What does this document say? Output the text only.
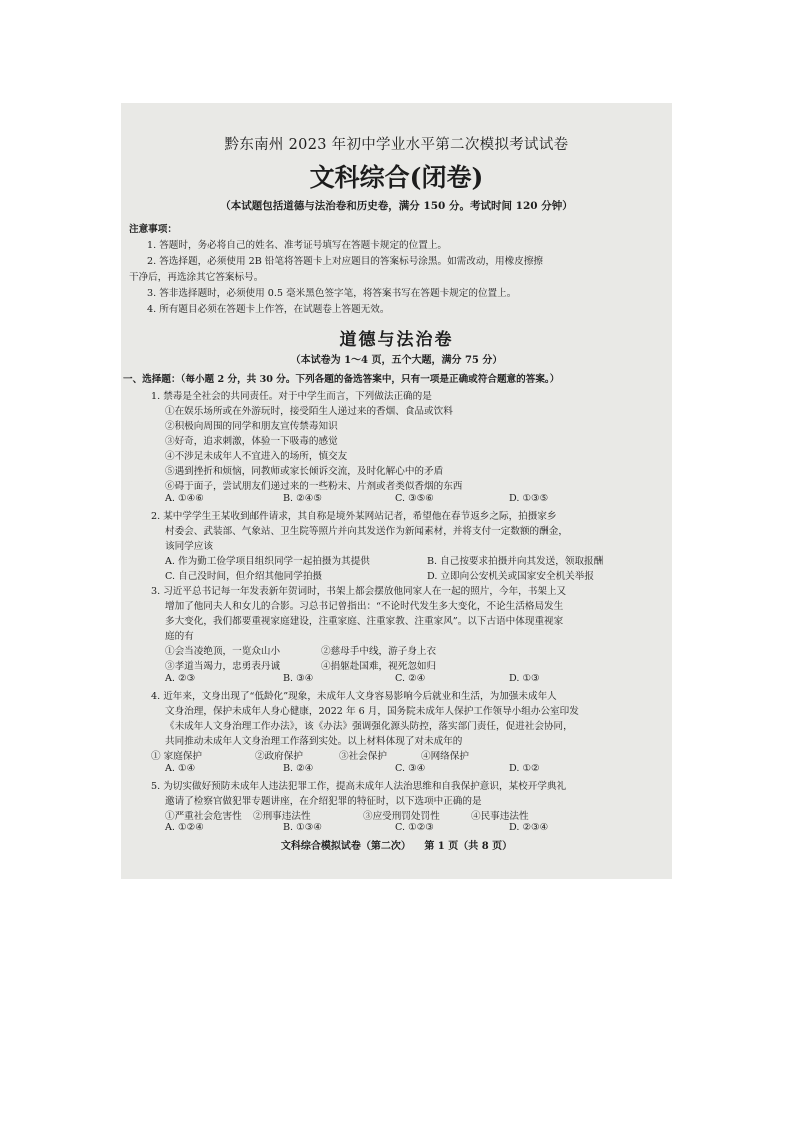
黔东南州 2023 年初中学业水平第二次模拟考试试卷
文科综合(闭卷)
（本试题包括道德与法治卷和历史卷，满分 150 分。考试时间 120 分钟）
注意事项：
1. 答题时，务必将自己的姓名、准考证号填写在答题卡规定的位置上。
2. 答选择题，必须使用 2B 铅笔将答题卡上对应题目的答案标号涂黑。如需改动，用橡皮擦擦
干净后，再选涂其它答案标号。
3. 答非选择题时，必须使用 0.5 毫米黑色签字笔，将答案书写在答题卡规定的位置上。
4. 所有题目必须在答题卡上作答，在试题卷上答题无效。
道德与法治卷
（本试卷为 1～4 页，五个大题，满分 75 分）
一、选择题：（每小题 2 分，共 30 分。下列各题的备选答案中，只有一项是正确或符合题意的答案。）
1. 禁毒是全社会的共同责任。对于中学生而言，下列做法正确的是
①在娱乐场所或在外游玩时，接受陌生人递过来的香烟、食品或饮料
②积极向周围的同学和朋友宣传禁毒知识
③好奇，追求刺激，体验一下吸毒的感觉
④不涉足未成年人不宜进入的场所，慎交友
⑤遇到挫折和烦恼，同教师或家长倾诉交流，及时化解心中的矛盾
⑥碍于面子，尝试朋友们递过来的一些粉末、片剂或者类似香烟的东西
A. ①④⑥	B. ②④⑤	C. ③⑤⑥	D. ①③⑤
2. 某中学学生王某收到邮件请求，其自称是境外某网站记者，希望他在春节返乡之际，拍摄家乡
村委会、武装部、气象站、卫生院等照片并向其发送作为新闻素材，并将支付一定数额的酬金，
该同学应该
A. 作为勤工俭学项目组织同学一起拍摄为其提供	B. 自己按要求拍摄并向其发送，领取报酬
C. 自己没时间，但介绍其他同学拍摄	D. 立即向公安机关或国家安全机关举报
3. 习近平总书记每一年发表新年贺词时，书架上都会摆放他同家人在一起的照片，今年，书架上又
增加了他同夫人和女儿的合影。习总书记曾指出：“不论时代发生多大变化，不论生活格局发生
多大变化，我们都要重视家庭建设，注重家庭、注重家教、注重家风”。以下古语中体现重视家
庭的有
①会当凌绝顶，一览众山小	②慈母手中线，游子身上衣
③孝道当竭力，忠勇表丹诚	④捐躯赴国难，视死忽如归
A. ②③	B. ③④	C. ②④	D. ①③
4. 近年来，文身出现了“低龄化”现象，未成年人文身容易影响今后就业和生活，为加强未成年人
文身治理，保护未成年人身心健康，2022 年 6 月，国务院未成年人保护工作领导小组办公室印发
《未成年人文身治理工作办法》，该《办法》强调强化源头防控，落实部门责任，促进社会协同，
共同推动未成年人文身治理工作落到实处。以上材料体现了对未成年的
① 家庭保护	②政府保护	③社会保护	④网络保护
A. ①④	B. ②④	C. ③④	D. ①②
5. 为切实做好预防未成年人违法犯罪工作，提高未成年人法治思维和自我保护意识，某校开学典礼
邀请了检察官做犯罪专题讲座，在介绍犯罪的特征时，以下选项中正确的是
①严重社会危害性 ②刑事违法性	③应受刑罚处罚性	④民事违法性
A. ①②④	B. ①③④	C. ①②③	D. ②③④
文科综合模拟试卷（第二次） 第 1 页（共 8 页）
